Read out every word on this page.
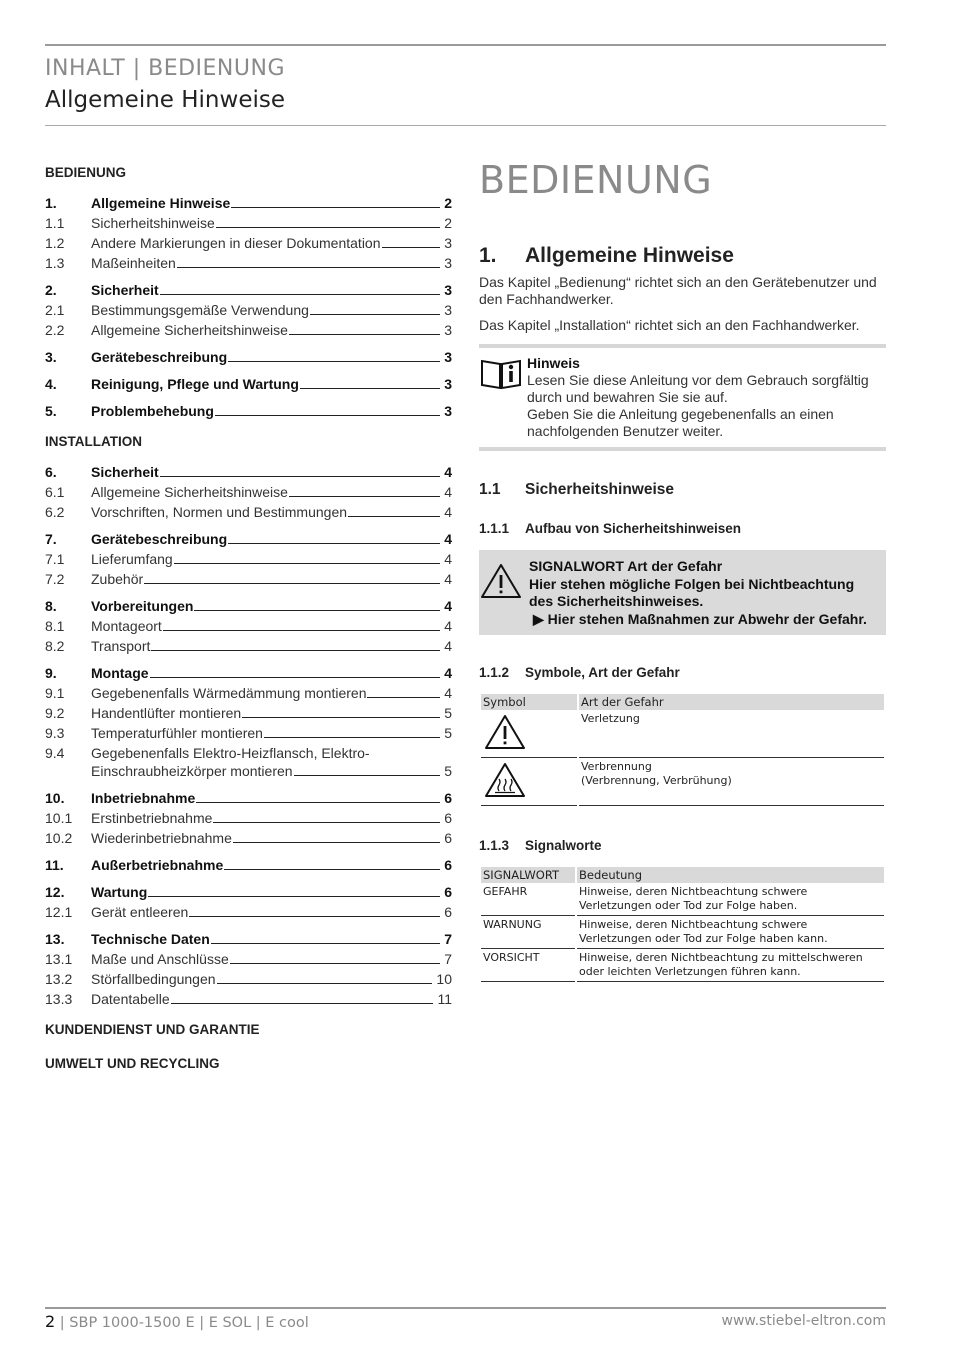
INHALT | BEDIENUNG
Allgemeine Hinweise
BEDIENUNG
1.	Allgemeine Hinweise	2
1.1	Sicherheitshinweise	2
1.2	Andere Markierungen in dieser Dokumentation	3
1.3	Maßeinheiten	3
2.	Sicherheit	3
2.1	Bestimmungsgemäße Verwendung	3
2.2	Allgemeine Sicherheitshinweise	3
3.	Gerätebeschreibung	3
4.	Reinigung, Pflege und Wartung	3
5.	Problembehebung	3
INSTALLATION
6.	Sicherheit	4
6.1	Allgemeine Sicherheitshinweise	4
6.2	Vorschriften, Normen und Bestimmungen	4
7.	Gerätebeschreibung	4
7.1	Lieferumfang	4
7.2	Zubehör	4
8.	Vorbereitungen	4
8.1	Montageort	4
8.2	Transport	4
9.	Montage	4
9.1	Gegebenenfalls Wärmedämmung montieren	4
9.2	Handentlüfter montieren	5
9.3	Temperaturfühler montieren	5
9.4	Gegebenenfalls Elektro-Heizflansch, Elektro-
Einschraubheizkörper montieren	5
10.	Inbetriebnahme	6
10.1	Erstinbetriebnahme	6
10.2	Wiederinbetriebnahme	6
11.	Außerbetriebnahme	6
12.	Wartung	6
12.1	Gerät entleeren	6
13.	Technische Daten	7
13.1	Maße und Anschlüsse	7
13.2	Störfallbedingungen	10
13.3	Datentabelle	11
KUNDENDIENST UND GARANTIE
UMWELT UND RECYCLING
BEDIENUNG
1. Allgemeine Hinweise
Das Kapitel „Bedienung“ richtet sich an den Gerätebenutzer und den Fachhandwerker.
Das Kapitel „Installation“ richtet sich an den Fachhandwerker.
Hinweis
Lesen Sie diese Anleitung vor dem Gebrauch sorgfältig durch und bewahren Sie sie auf.
Geben Sie die Anleitung gegebenenfalls an einen nachfolgenden Benutzer weiter.
1.1 Sicherheitshinweise
1.1.1 Aufbau von Sicherheitshinweisen
SIGNALWORT Art der Gefahr
Hier stehen mögliche Folgen bei Nichtbeachtung des Sicherheitshinweises.
▶ Hier stehen Maßnahmen zur Abwehr der Gefahr.
1.1.2 Symbole, Art der Gefahr
Symbol	Art der Gefahr

Verletzung

Verbrennung
(Verbrennung, Verbrühung)
1.1.3 Signalworte
SIGNALWORT	Bedeutung
GEFAHR	Hinweise, deren Nichtbeachtung schwere Verletzungen oder Tod zur Folge haben.
WARNUNG	Hinweise, deren Nichtbeachtung schwere Verletzungen oder Tod zur Folge haben kann.
VORSICHT	Hinweise, deren Nichtbeachtung zu mittelschweren oder leichten Verletzungen führen kann.
2 | SBP 1000-1500 E | E SOL | E cool	www.stiebel-eltron.com
